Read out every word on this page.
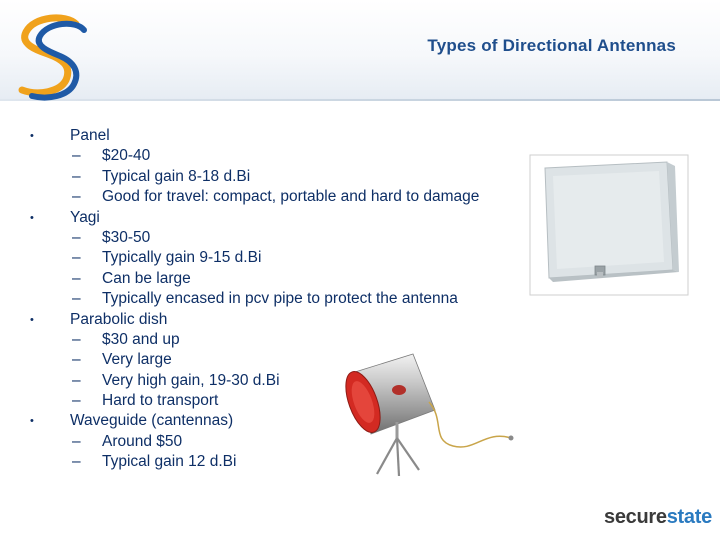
Types of Directional Antennas
• Panel
– $20-40
– Typical gain 8-18 d.Bi
– Good for travel: compact, portable and hard to damage
• Yagi
– $30-50
– Typically gain 9-15 d.Bi
– Can be large
– Typically encased in pcv pipe to protect the antenna
• Parabolic dish
– $30 and up
– Very large
– Very high gain, 19-30 d.Bi
– Hard to transport
• Waveguide (cantennas)
– Around $50
– Typical gain 12 d.Bi
securestate
